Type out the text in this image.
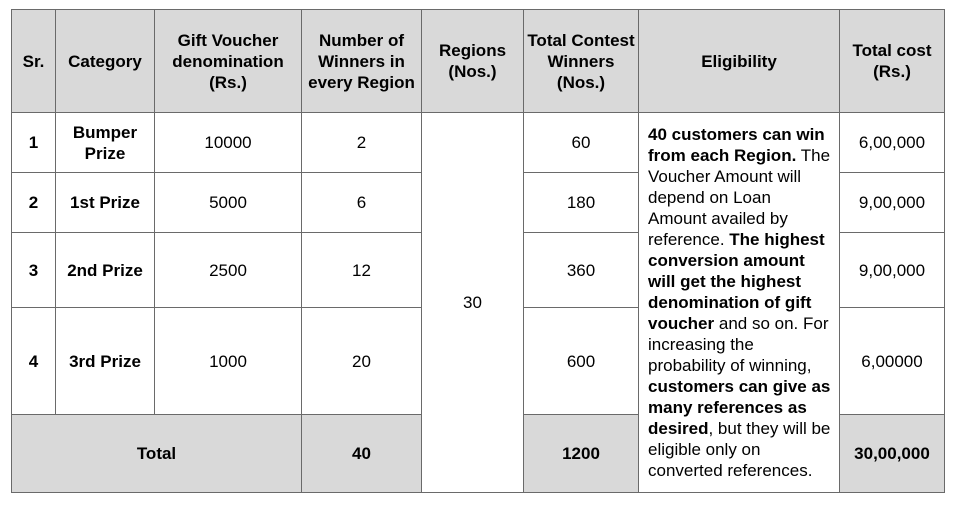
Sr.	Category	Gift Voucher denomination (Rs.)	Number of Winners in every Region	Regions (Nos.)	Total Contest Winners (Nos.)	Eligibility	Total cost (Rs.)
1	Bumper Prize	10000	2	30	60	40 customers can win from each Region. The Voucher Amount will depend on Loan Amount availed by reference. The highest conversion amount will get the highest denomination of gift voucher and so on. For increasing the probability of winning, customers can give as many references as desired, but they will be eligible only on converted references.	6,00,000
2	1st Prize	5000	6		180		9,00,000
3	2nd Prize	2500	12		360		9,00,000
4	3rd Prize	1000	20		600		6,00000
Total			40		1200		30,00,000
